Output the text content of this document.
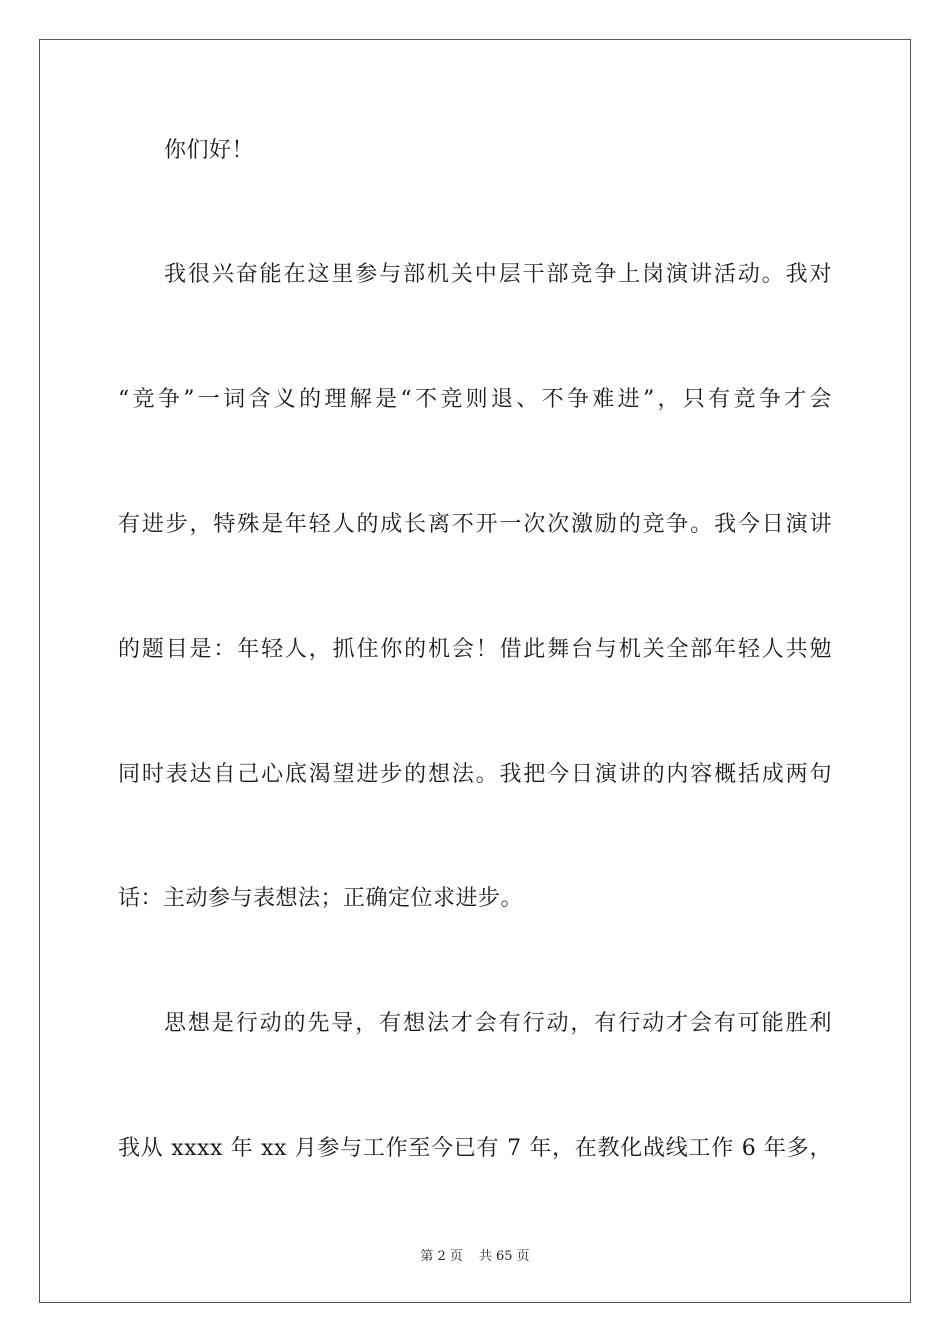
你们好！
我很兴奋能在这里参与部机关中层干部竞争上岗演讲活动。我对
“竞争”一词含义的理解是“不竞则退、不争难进”，只有竞争才会
有进步，特殊是年轻人的成长离不开一次次激励的竞争。我今日演讲
的题目是：年轻人，抓住你的机会！借此舞台与机关全部年轻人共勉
同时表达自己心底渴望进步的想法。我把今日演讲的内容概括成两句
话：主动参与表想法；正确定位求进步。
思想是行动的先导，有想法才会有行动，有行动才会有可能胜利
我从 xxxx 年 xx 月参与工作至今已有 7 年，在教化战线工作 6 年多，
第 2 页 共 65 页
